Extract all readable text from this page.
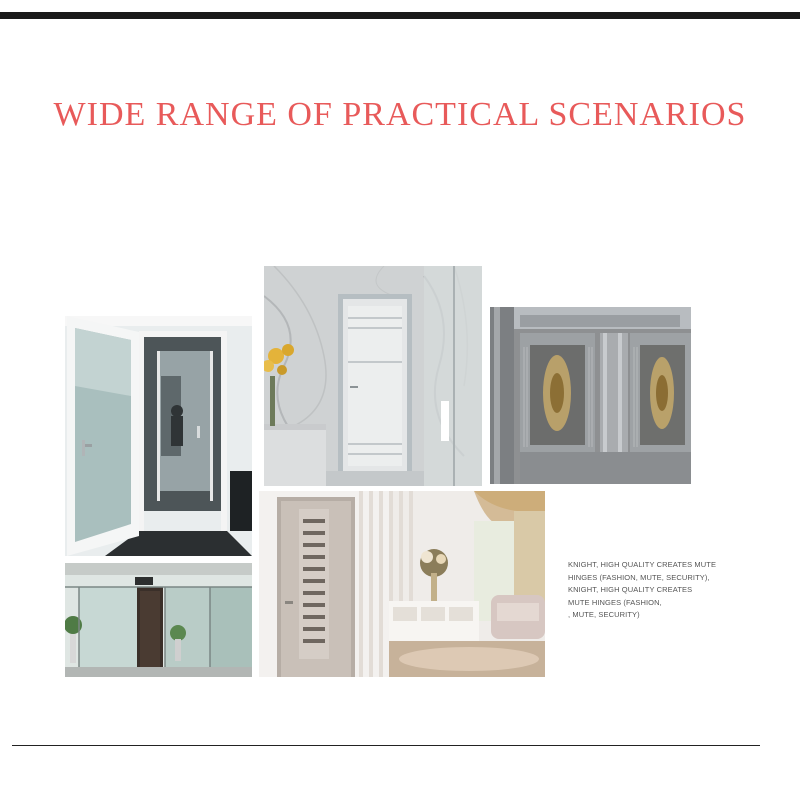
WIDE RANGE OF PRACTICAL SCENARIOS
KNIGHT, HIGH QUALITY CREATES MUTE
HINGES (FASHION, MUTE, SECURITY),
KNIGHT, HIGH QUALITY CREATES
MUTE HINGES (FASHION,
, MUTE, SECURITY)
